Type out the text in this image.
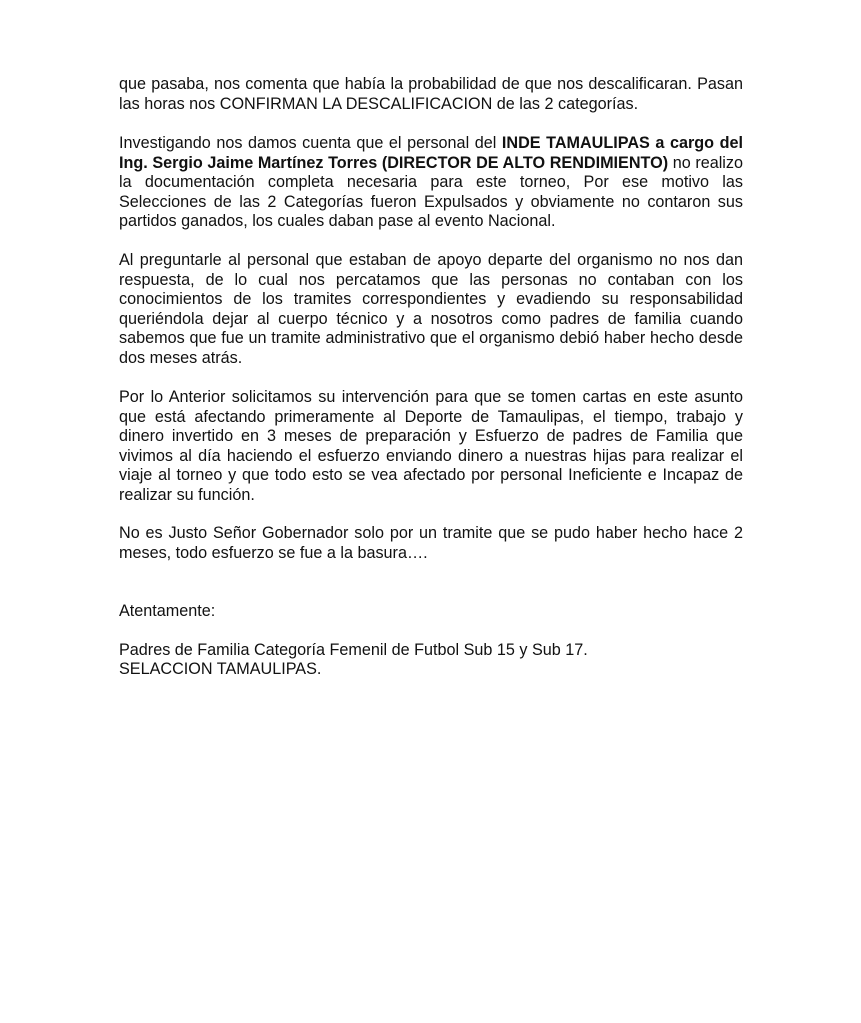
que pasaba, nos comenta que había la probabilidad de que nos descalificaran. Pasan las horas nos CONFIRMAN LA DESCALIFICACION de las 2 categorías.

Investigando nos damos cuenta que el personal del INDE TAMAULIPAS a cargo del Ing. Sergio Jaime Martínez Torres (DIRECTOR DE ALTO RENDIMIENTO) no realizo la documentación completa necesaria para este torneo, Por ese motivo las Selecciones de las 2 Categorías fueron Expulsados y obviamente no contaron sus partidos ganados, los cuales daban pase al evento Nacional.

Al preguntarle al personal que estaban de apoyo departe del organismo no nos dan respuesta, de lo cual nos percatamos que las personas no contaban con los conocimientos de los tramites correspondientes y evadiendo su responsabilidad queriéndola dejar al cuerpo técnico y a nosotros como padres de familia cuando sabemos que fue un tramite administrativo que el organismo debió haber hecho desde dos meses atrás.

Por lo Anterior solicitamos su intervención para que se tomen cartas en este asunto que está afectando primeramente al Deporte de Tamaulipas, el tiempo, trabajo y dinero invertido en 3 meses de preparación y Esfuerzo de padres de Familia que vivimos al día haciendo el esfuerzo enviando dinero a nuestras hijas para realizar el viaje al torneo y que todo esto se vea afectado por personal Ineficiente e Incapaz de realizar su función.

No es Justo Señor Gobernador solo por un tramite que se pudo haber hecho hace 2 meses, todo esfuerzo se fue a la basura….

Atentamente:

Padres de Familia Categoría Femenil de Futbol Sub 15 y Sub 17.

SELACCION TAMAULIPAS.
